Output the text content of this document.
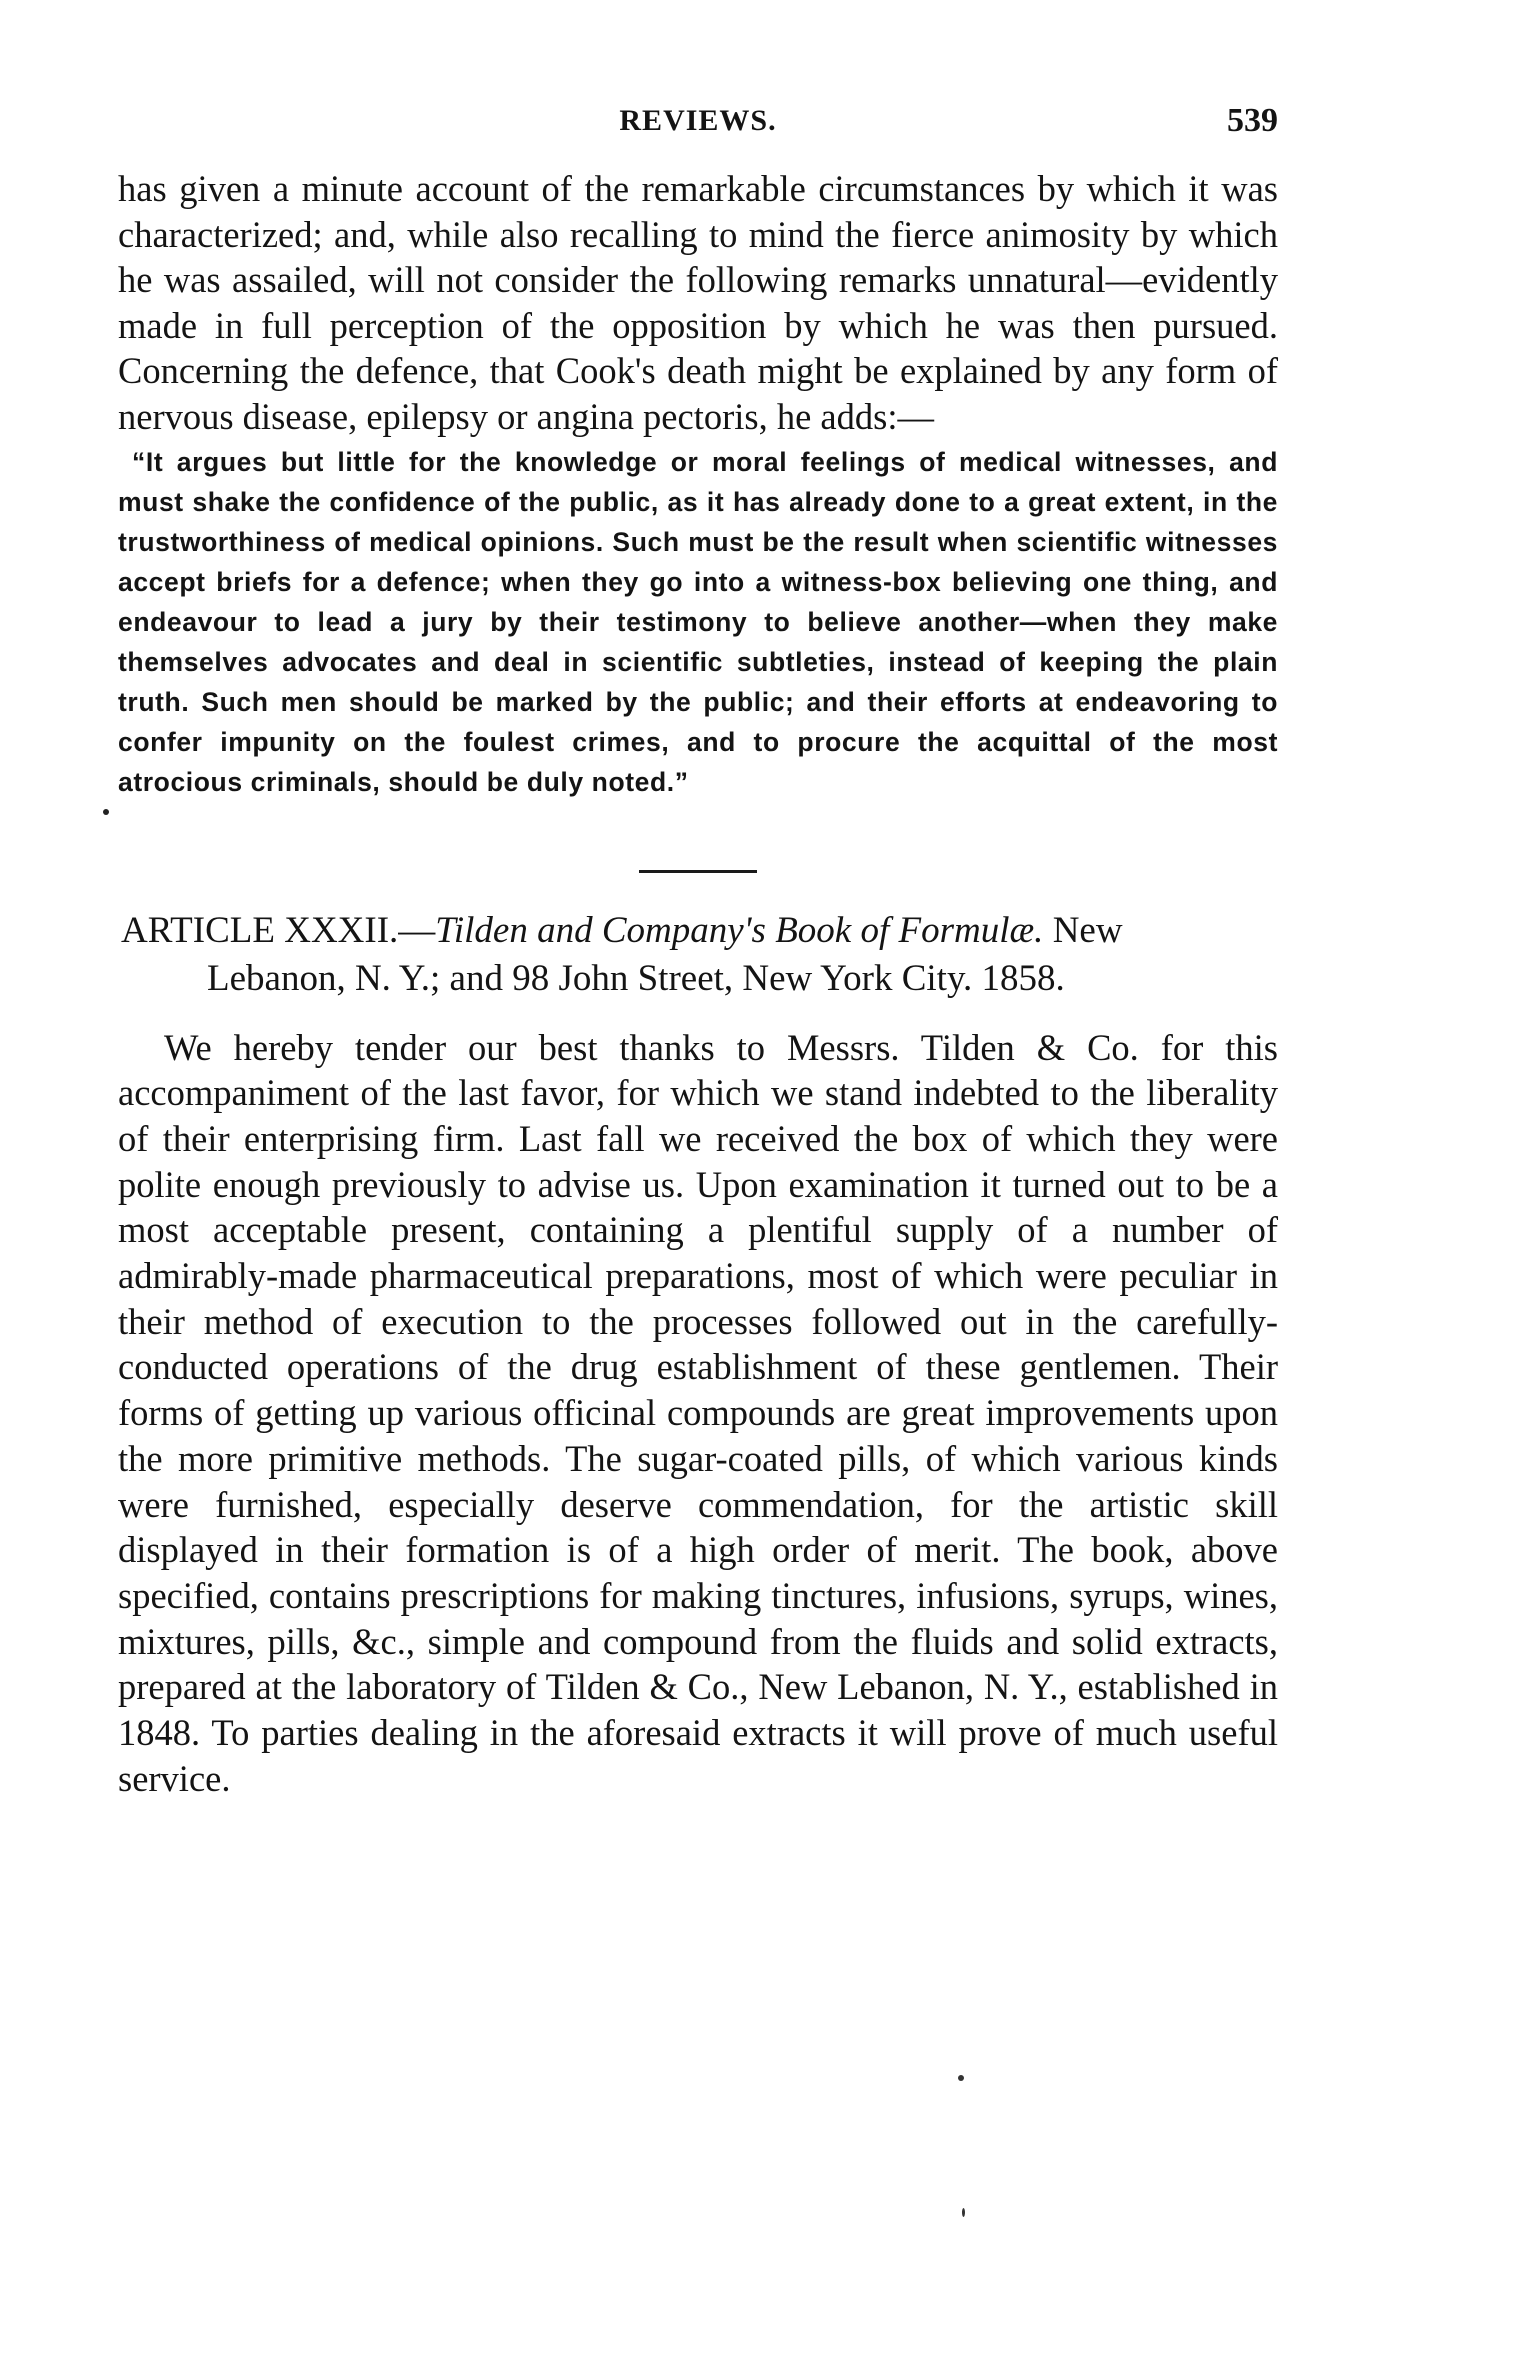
REVIEWS.	539

has given a minute account of the remarkable circumstances by which it was characterized; and, while also recalling to mind the fierce animosity by which he was assailed, will not consider the following remarks unnatural—evidently made in full perception of the opposition by which he was then pursued. Concerning the defence, that Cook's death might be explained by any form of nervous disease, epilepsy or angina pectoris, he adds:—

“It argues but little for the knowledge or moral feelings of medical witnesses, and must shake the confidence of the public, as it has already done to a great extent, in the trustworthiness of medical opinions. Such must be the result when scientific witnesses accept briefs for a defence; when they go into a witness-box believing one thing, and endeavour to lead a jury by their testimony to believe another—when they make themselves advocates and deal in scientific subtleties, instead of keeping the plain truth. Such men should be marked by the public; and their efforts at endeavoring to confer impunity on the foulest crimes, and to procure the acquittal of the most atrocious criminals, should be duly noted.”

ARTICLE XXXII.—Tilden and Company's Book of Formulæ. New
Lebanon, N. Y.; and 98 John Street, New York City. 1858.

We hereby tender our best thanks to Messrs. Tilden & Co. for this accompaniment of the last favor, for which we stand indebted to the liberality of their enterprising firm. Last fall we received the box of which they were polite enough previously to advise us. Upon examination it turned out to be a most acceptable present, containing a plentiful supply of a number of admirably-made pharmaceutical preparations, most of which were peculiar in their method of execution to the processes followed out in the carefully-conducted operations of the drug establishment of these gentlemen. Their forms of getting up various officinal compounds are great improvements upon the more primitive methods. The sugar-coated pills, of which various kinds were furnished, especially deserve commendation, for the artistic skill displayed in their formation is of a high order of merit. The book, above specified, contains prescriptions for making tinctures, infusions, syrups, wines, mixtures, pills, &c., simple and compound from the fluids and solid extracts, prepared at the laboratory of Tilden & Co., New Lebanon, N. Y., established in 1848. To parties dealing in the aforesaid extracts it will prove of much useful service.
